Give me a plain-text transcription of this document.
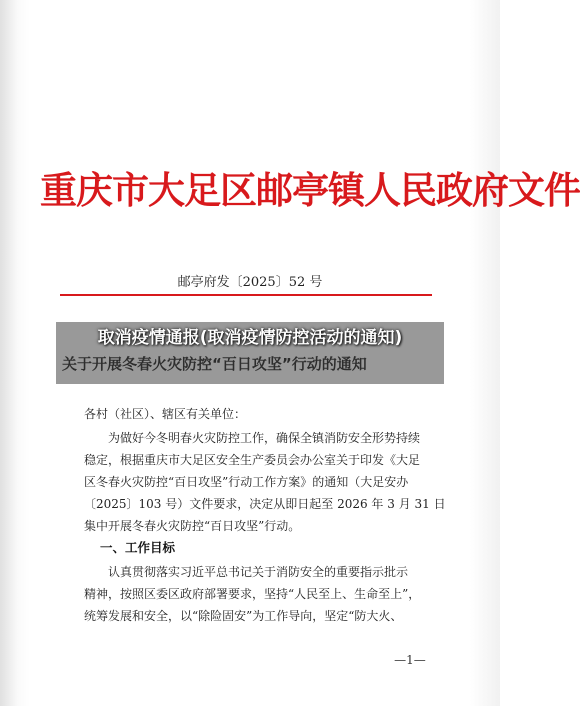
重庆市大足区邮亭镇人民政府文件
邮亭府发〔2025〕52 号
取消疫情通报(取消疫情防控活动的通知)
各村（社区）、辖区有关单位：
为做好今冬明春火灾防控工作，确保全镇消防安全形势持续
稳定，根据重庆市大足区安全生产委员会办公室关于印发《大足
区冬春火灾防控“百日攻坚”行动工作方案》的通知（大足安办
〔2025〕103 号）文件要求，决定从即日起至 2026 年 3 月 31 日
集中开展冬春火灾防控“百日攻坚”行动。
一、工作目标
认真贯彻落实习近平总书记关于消防安全的重要指示批示
精神，按照区委区政府部署要求，坚持“人民至上、生命至上”，
统筹发展和安全，以“除险固安”为工作导向，坚定“防大火、
—1—
